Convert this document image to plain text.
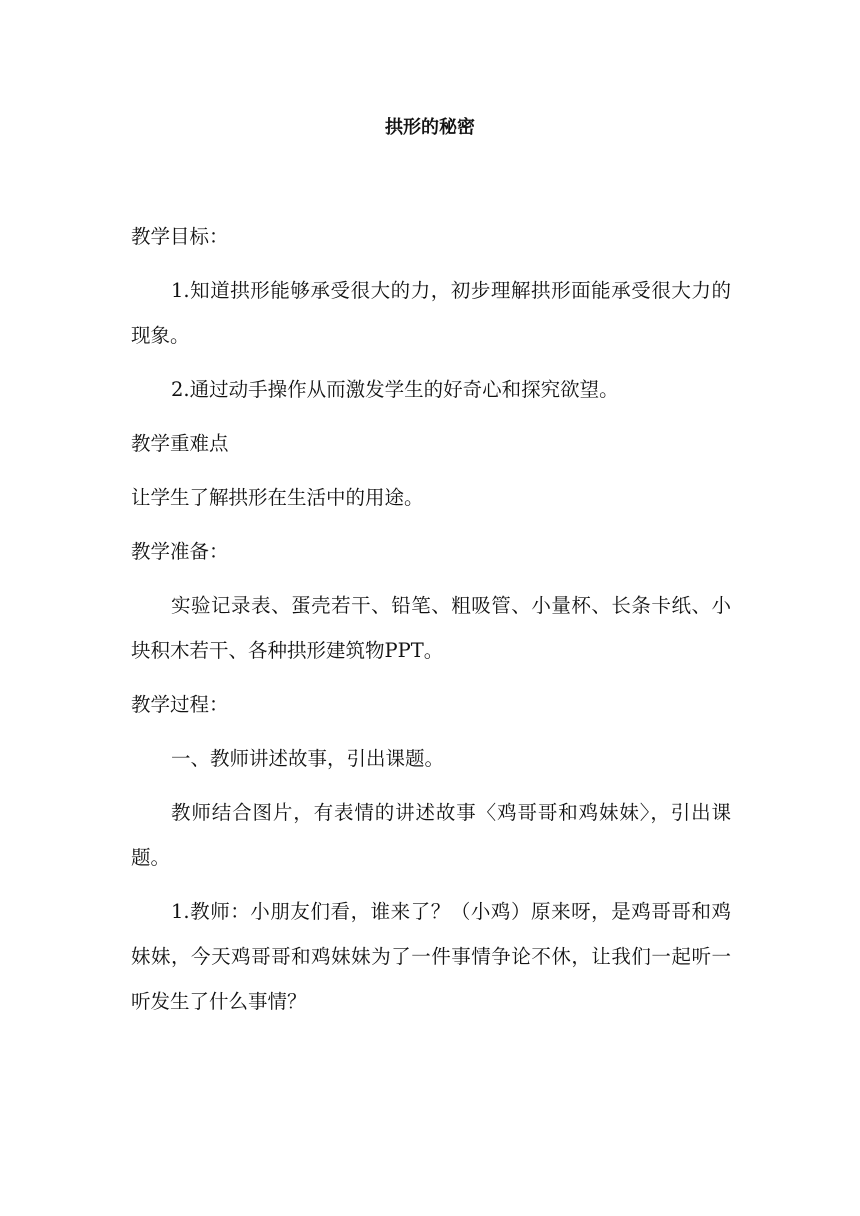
拱形的秘密

教学目标：

1.知道拱形能够承受很大的力，初步理解拱形面能承受很大力的现象。

2.通过动手操作从而激发学生的好奇心和探究欲望。

教学重难点

让学生了解拱形在生活中的用途。

教学准备：

实验记录表、蛋壳若干、铅笔、粗吸管、小量杯、长条卡纸、小块积木若干、各种拱形建筑物PPT。

教学过程：

一、教师讲述故事，引出课题。

教师结合图片，有表情的讲述故事〈鸡哥哥和鸡妹妹〉，引出课题。

1.教师：小朋友们看，谁来了？（小鸡）原来呀，是鸡哥哥和鸡妹妹，今天鸡哥哥和鸡妹妹为了一件事情争论不休，让我们一起听一听发生了什么事情？
